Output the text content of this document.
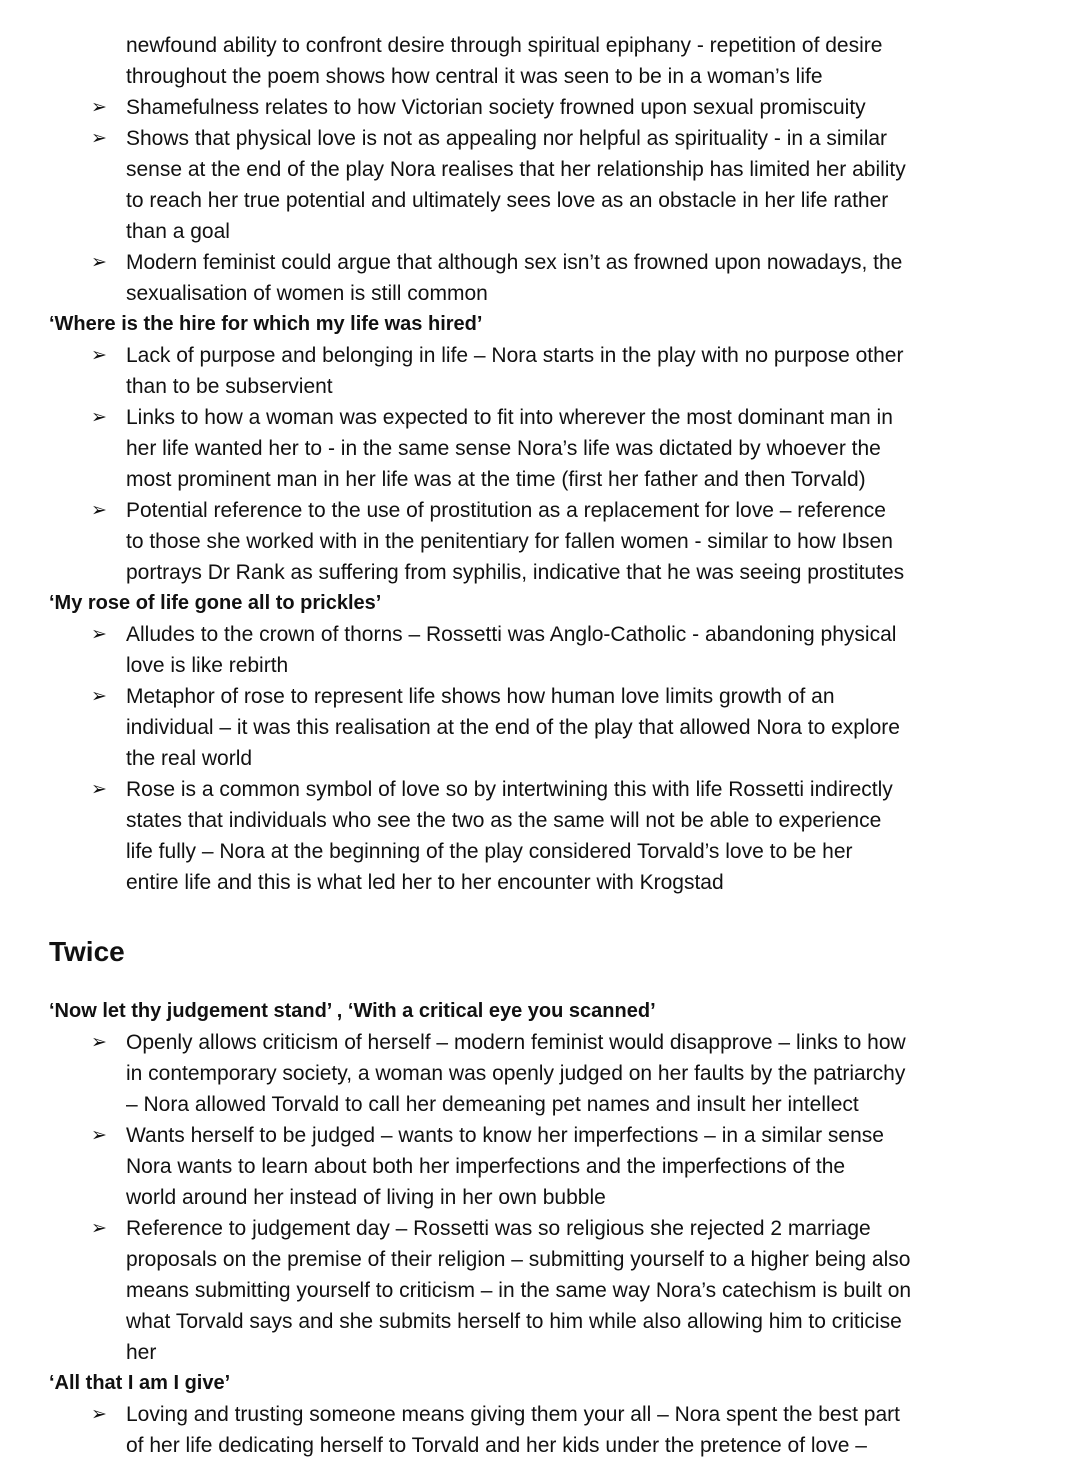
newfound ability to confront desire through spiritual epiphany - repetition of desire
throughout the poem shows how central it was seen to be in a woman’s life
➢ Shamefulness relates to how Victorian society frowned upon sexual promiscuity
➢ Shows that physical love is not as appealing nor helpful as spirituality - in a similar
sense at the end of the play Nora realises that her relationship has limited her ability
to reach her true potential and ultimately sees love as an obstacle in her life rather
than a goal
➢ Modern feminist could argue that although sex isn’t as frowned upon nowadays, the
sexualisation of women is still common
‘Where is the hire for which my life was hired’
➢ Lack of purpose and belonging in life – Nora starts in the play with no purpose other
than to be subservient
➢ Links to how a woman was expected to fit into wherever the most dominant man in
her life wanted her to - in the same sense Nora’s life was dictated by whoever the
most prominent man in her life was at the time (first her father and then Torvald)
➢ Potential reference to the use of prostitution as a replacement for love – reference
to those she worked with in the penitentiary for fallen women - similar to how Ibsen
portrays Dr Rank as suffering from syphilis, indicative that he was seeing prostitutes
‘My rose of life gone all to prickles’
➢ Alludes to the crown of thorns – Rossetti was Anglo-Catholic - abandoning physical
love is like rebirth
➢ Metaphor of rose to represent life shows how human love limits growth of an
individual – it was this realisation at the end of the play that allowed Nora to explore
the real world
➢ Rose is a common symbol of love so by intertwining this with life Rossetti indirectly
states that individuals who see the two as the same will not be able to experience
life fully – Nora at the beginning of the play considered Torvald’s love to be her
entire life and this is what led her to her encounter with Krogstad
Twice
‘Now let thy judgement stand’ , ‘With a critical eye you scanned’
➢ Openly allows criticism of herself – modern feminist would disapprove – links to how
in contemporary society, a woman was openly judged on her faults by the patriarchy
– Nora allowed Torvald to call her demeaning pet names and insult her intellect
➢ Wants herself to be judged – wants to know her imperfections – in a similar sense
Nora wants to learn about both her imperfections and the imperfections of the
world around her instead of living in her own bubble
➢ Reference to judgement day – Rossetti was so religious she rejected 2 marriage
proposals on the premise of their religion – submitting yourself to a higher being also
means submitting yourself to criticism – in the same way Nora’s catechism is built on
what Torvald says and she submits herself to him while also allowing him to criticise
her
‘All that I am I give’
➢ Loving and trusting someone means giving them your all – Nora spent the best part
of her life dedicating herself to Torvald and her kids under the pretence of love –
